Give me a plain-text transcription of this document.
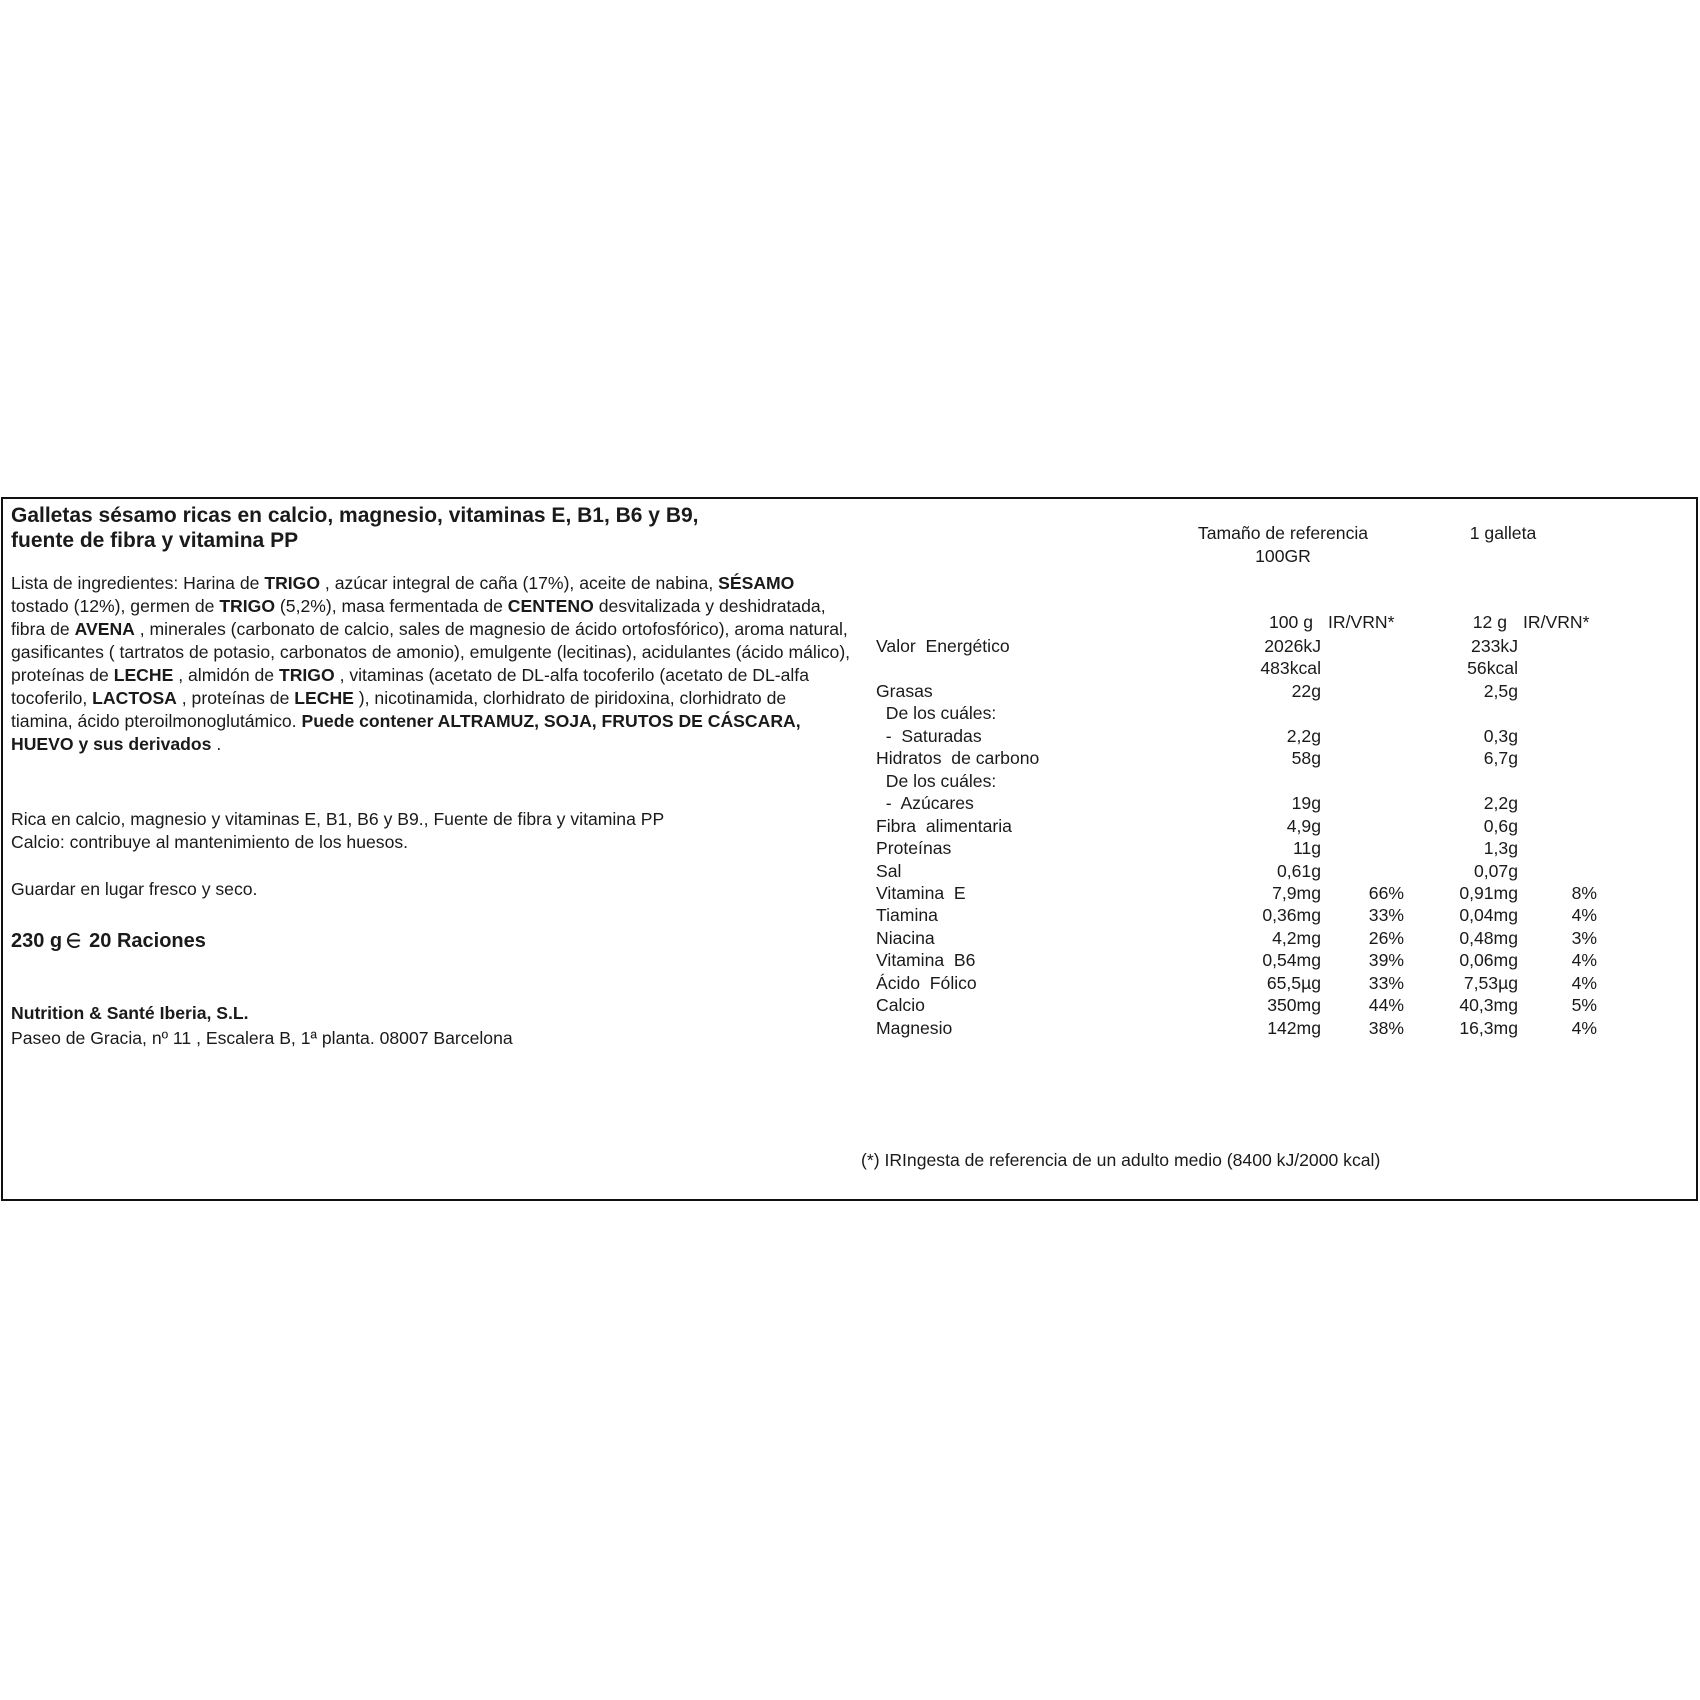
Galletas sésamo ricas en calcio, magnesio, vitaminas E, B1, B6 y B9,
fuente de fibra y vitamina PP

Lista de ingredientes: Harina de TRIGO , azúcar integral de caña (17%), aceite de nabina, SÉSAMO tostado (12%), germen de TRIGO (5,2%), masa fermentada de CENTENO desvitalizada y deshidratada, fibra de AVENA , minerales (carbonato de calcio, sales de magnesio de ácido ortofosfórico), aroma natural, gasificantes ( tartratos de potasio, carbonatos de amonio), emulgente (lecitinas), acidulantes (ácido málico), proteínas de LECHE , almidón de TRIGO , vitaminas (acetato de DL-alfa tocoferilo (acetato de DL-alfa tocoferilo, LACTOSA , proteínas de LECHE ), nicotinamida, clorhidrato de piridoxina, clorhidrato de tiamina, ácido pteroilmonoglutámico. Puede contener ALTRAMUZ, SOJA, FRUTOS DE CÁSCARA, HUEVO y sus derivados .

Rica en calcio, magnesio y vitaminas E, B1, B6 y B9., Fuente de fibra y vitamina PP

Calcio: contribuye al mantenimiento de los huesos.

Guardar en lugar fresco y seco.

230 g 20 Raciones
Nutrition & Santé Iberia, S.L.
Paseo de Gracia, nº 11 , Escalera B, 1ª planta. 08007 Barcelona
Tamaño de referencia
100GR
1 galleta
100 g IR/VRN*	12 g IR/VRN*
Valor  Energético	2026kJ	233kJ
483kcal	56kcal
Grasas	22g	2,5g
De los cuáles:
-  Saturadas	2,2g	0,3g
Hidratos  de carbono	58g	6,7g
De los cuáles:
-  Azúcares	19g	2,2g
Fibra  alimentaria	4,9g	0,6g
Proteínas	11g	1,3g
Sal	0,61g	0,07g
Vitamina  E	7,9mg	66%	0,91mg	8%
Tiamina	0,36mg	33%	0,04mg	4%
Niacina	4,2mg	26%	0,48mg	3%
Vitamina  B6	0,54mg	39%	0,06mg	4%
Ácido  Fólico	65,5µg	33%	7,53µg	4%
Calcio	350mg	44%	40,3mg	5%
Magnesio	142mg	38%	16,3mg	4%
(*) IRIngesta de referencia de un adulto medio (8400 kJ/2000 kcal)
